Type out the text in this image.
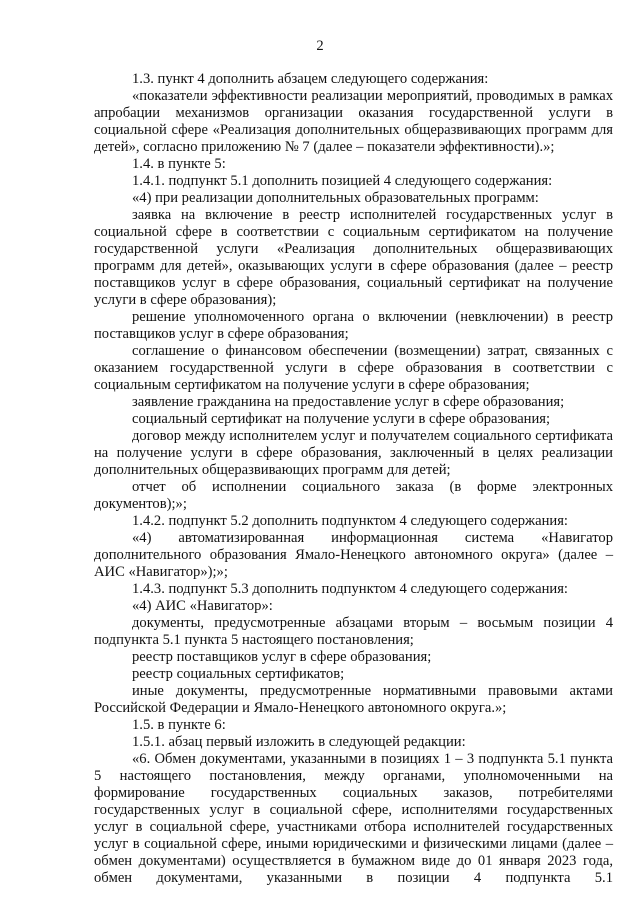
2

1.3. пункт 4 дополнить абзацем следующего содержания:

«показатели эффективности реализации мероприятий, проводимых в рамках апробации механизмов организации оказания государственной услуги в социальной сфере «Реализация дополнительных общеразвивающих программ для детей», согласно приложению № 7 (далее – показатели эффективности).»;

1.4. в пункте 5:

1.4.1. подпункт 5.1 дополнить позицией 4 следующего содержания:

«4) при реализации дополнительных образовательных программ:

заявка на включение в реестр исполнителей государственных услуг в социальной сфере в соответствии с социальным сертификатом на получение государственной услуги «Реализация дополнительных общеразвивающих программ для детей», оказывающих услуги в сфере образования (далее – реестр поставщиков услуг в сфере образования, социальный сертификат на получение услуги в сфере образования);

решение уполномоченного органа о включении (невключении) в реестр поставщиков услуг в сфере образования;

соглашение о финансовом обеспечении (возмещении) затрат, связанных с оказанием государственной услуги в сфере образования в соответствии с социальным сертификатом на получение услуги в сфере образования;

заявление гражданина на предоставление услуг в сфере образования;

социальный сертификат на получение услуги в сфере образования;

договор между исполнителем услуг и получателем социального сертификата на получение услуги в сфере образования, заключенный в целях реализации дополнительных общеразвивающих программ для детей;

отчет об исполнении социального заказа (в форме электронных документов);»;

1.4.2. подпункт 5.2 дополнить подпунктом 4 следующего содержания:

«4) автоматизированная информационная система «Навигатор дополнительного образования Ямало-Ненецкого автономного округа» (далее – АИС «Навигатор»);»;

1.4.3. подпункт 5.3 дополнить подпунктом 4 следующего содержания:

«4) АИС «Навигатор»:

документы, предусмотренные абзацами вторым – восьмым позиции 4 подпункта 5.1 пункта 5 настоящего постановления;

реестр поставщиков услуг в сфере образования;

реестр социальных сертификатов;

иные документы, предусмотренные нормативными правовыми актами Российской Федерации и Ямало-Ненецкого автономного округа.»;

1.5. в пункте 6:

1.5.1. абзац первый изложить в следующей редакции:

«6. Обмен документами, указанными в позициях 1 – 3 подпункта 5.1 пункта 5 настоящего постановления, между органами, уполномоченными на формирование государственных социальных заказов, потребителями государственных услуг в социальной сфере, исполнителями государственных услуг в социальной сфере, участниками отбора исполнителей государственных услуг в социальной сфере, иными юридическими и физическими лицами (далее – обмен документами) осуществляется в бумажном виде до 01 января 2023 года, обмен документами, указанными в позиции 4 подпункта 5.1
